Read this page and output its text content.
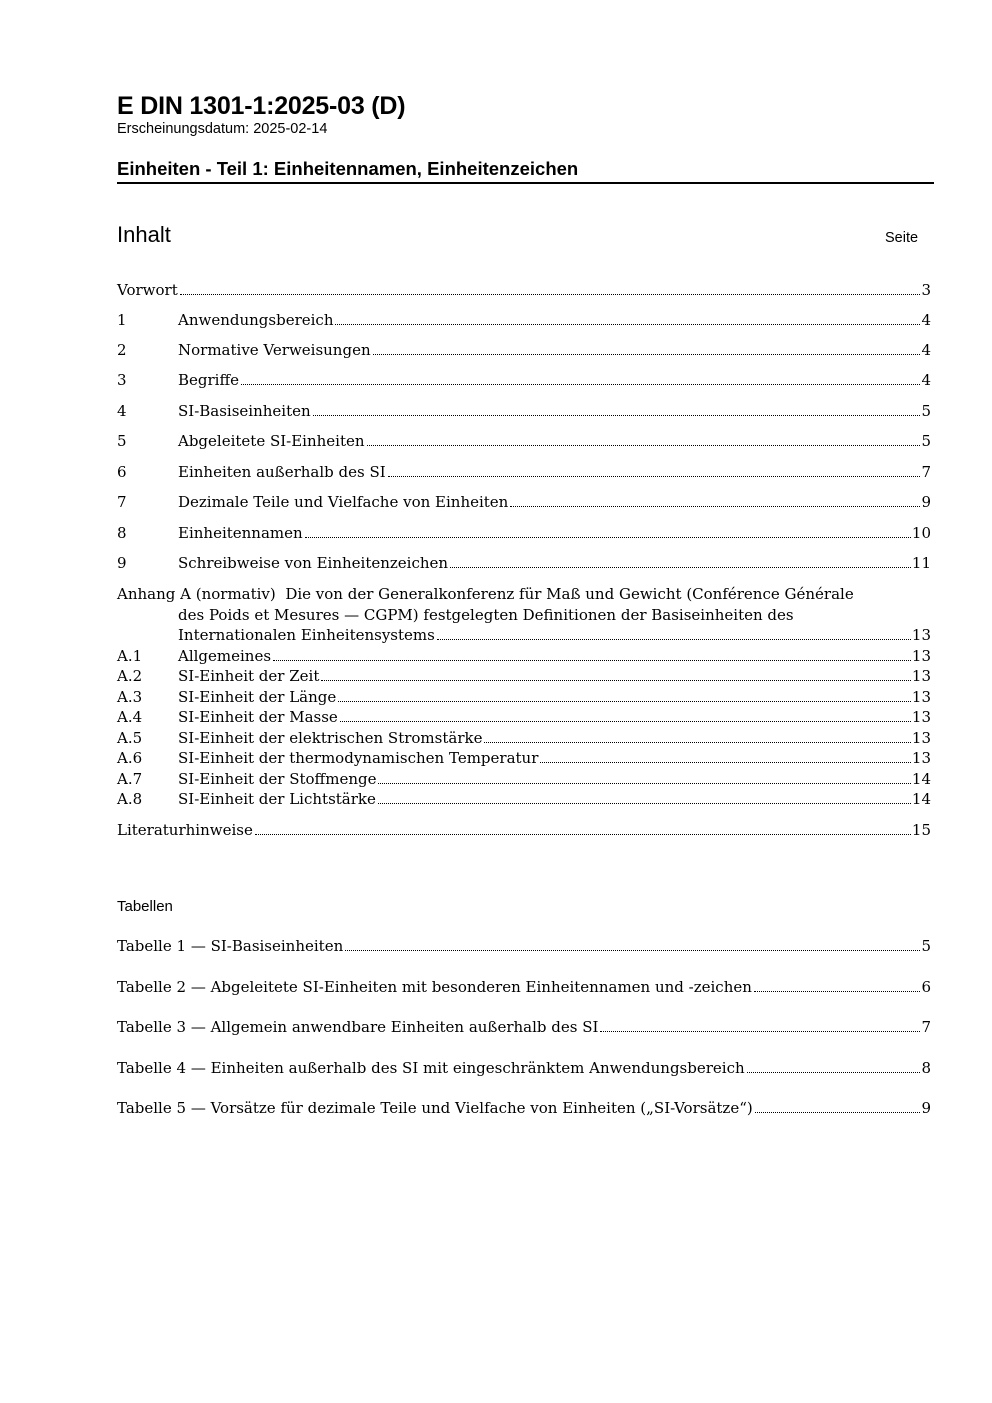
E DIN 1301-1:2025-03 (D)
Erscheinungsdatum: 2025-02-14
Einheiten - Teil 1: Einheitennamen, Einheitenzeichen
Inhalt	Seite
Vorwort	3
1	Anwendungsbereich	4
2	Normative Verweisungen	4
3	Begriffe	4
4	SI-Basiseinheiten	5
5	Abgeleitete SI-Einheiten	5
6	Einheiten außerhalb des SI	7
7	Dezimale Teile und Vielfache von Einheiten	9
8	Einheitennamen	10
9	Schreibweise von Einheitenzeichen	11
Anhang A (normativ) Die von der Generalkonferenz für Maß und Gewicht (Conférence Générale
des Poids et Mesures — CGPM) festgelegten Definitionen der Basiseinheiten des
Internationalen Einheitensystems	13
A.1	Allgemeines	13
A.2	SI-Einheit der Zeit	13
A.3	SI-Einheit der Länge	13
A.4	SI-Einheit der Masse	13
A.5	SI-Einheit der elektrischen Stromstärke	13
A.6	SI-Einheit der thermodynamischen Temperatur	13
A.7	SI-Einheit der Stoffmenge	14
A.8	SI-Einheit der Lichtstärke	14
Literaturhinweise	15
Tabellen
Tabelle 1 — SI-Basiseinheiten	5
Tabelle 2 — Abgeleitete SI-Einheiten mit besonderen Einheitennamen und -zeichen	6
Tabelle 3 — Allgemein anwendbare Einheiten außerhalb des SI	7
Tabelle 4 — Einheiten außerhalb des SI mit eingeschränktem Anwendungsbereich	8
Tabelle 5 — Vorsätze für dezimale Teile und Vielfache von Einheiten („SI-Vorsätze“)	9
